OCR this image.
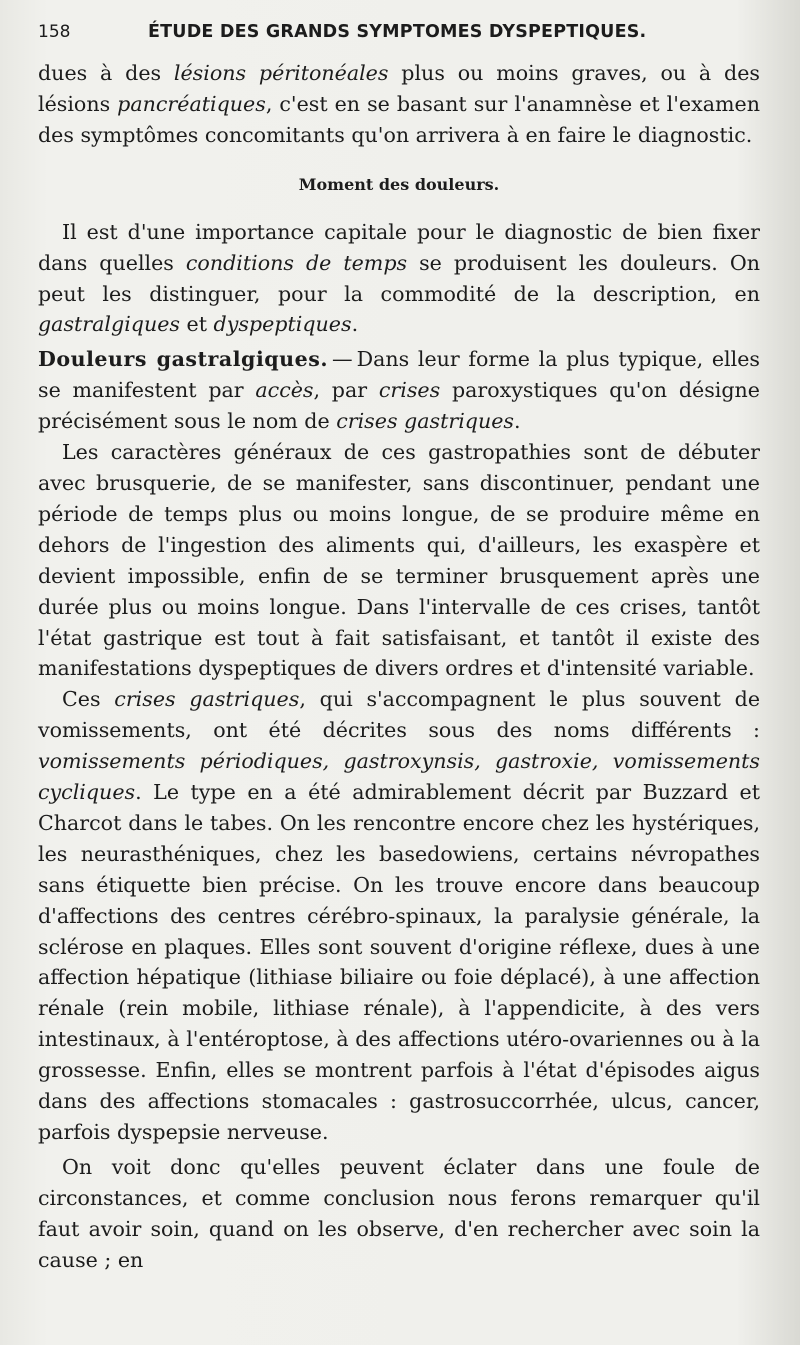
158	ÉTUDE DES GRANDS SYMPTOMES DYSPEPTIQUES.

dues à des lésions péritonéales plus ou moins graves, ou à des lésions pancréatiques, c'est en se basant sur l'anamnèse et l'examen des symptômes concomitants qu'on arrivera à en faire le diagnostic.

Moment des douleurs.

Il est d'une importance capitale pour le diagnostic de bien fixer dans quelles conditions de temps se produisent les douleurs. On peut les distinguer, pour la commodité de la description, en gastralgiques et dyspeptiques.

Douleurs gastralgiques. — Dans leur forme la plus typique, elles se manifestent par accès, par crises paroxystiques qu'on désigne précisément sous le nom de crises gastriques.

Les caractères généraux de ces gastropathies sont de débuter avec brusquerie, de se manifester, sans discontinuer, pendant une période de temps plus ou moins longue, de se produire même en dehors de l'ingestion des aliments qui, d'ailleurs, les exaspère et devient impossible, enfin de se terminer brusquement après une durée plus ou moins longue. Dans l'intervalle de ces crises, tantôt l'état gastrique est tout à fait satisfaisant, et tantôt il existe des manifestations dyspeptiques de divers ordres et d'intensité variable.

Ces crises gastriques, qui s'accompagnent le plus souvent de vomissements, ont été décrites sous des noms différents : vomissements périodiques, gastroxynsis, gastroxie, vomissements cycliques. Le type en a été admirablement décrit par Buzzard et Charcot dans le tabes. On les rencontre encore chez les hystériques, les neurasthéniques, chez les basedowiens, certains névropathes sans étiquette bien précise. On les trouve encore dans beaucoup d'affections des centres cérébro-spinaux, la paralysie générale, la sclérose en plaques. Elles sont souvent d'origine réflexe, dues à une affection hépatique (lithiase biliaire ou foie déplacé), à une affection rénale (rein mobile, lithiase rénale), à l'appendicite, à des vers intestinaux, à l'entéroptose, à des affections utéro-ovariennes ou à la grossesse. Enfin, elles se montrent parfois à l'état d'épisodes aigus dans des affections stomacales : gastrosuccorrhée, ulcus, cancer, parfois dyspepsie nerveuse.

On voit donc qu'elles peuvent éclater dans une foule de circonstances, et comme conclusion nous ferons remarquer qu'il faut avoir soin, quand on les observe, d'en rechercher avec soin la cause ; en
